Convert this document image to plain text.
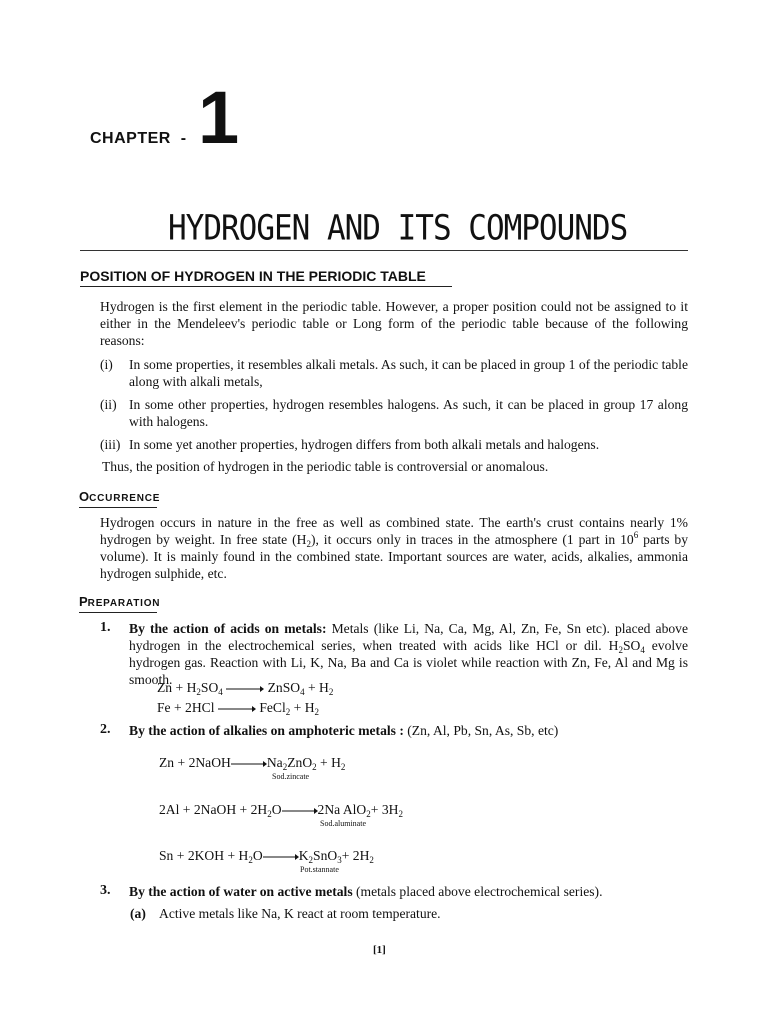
CHAPTER  - 1
HYDROGEN AND ITS COMPOUNDS
POSITION OF HYDROGEN IN THE PERIODIC TABLE

Hydrogen is the first element in the periodic table. However, a proper position could not be assigned to it either in the Mendeleev's periodic table or Long form of the periodic table because of the following reasons:

(i) In some properties, it resembles alkali metals. As such, it can be placed in group 1 of the periodic table along with alkali metals,
(ii) In some other properties, hydrogen resembles halogens. As such, it can be placed in group 17 along with halogens.
(iii) In some yet another properties, hydrogen differs from both alkali metals and halogens.

Thus, the position of hydrogen in the periodic table is controversial or anomalous.

OCCURRENCE

Hydrogen occurs in nature in the free as well as combined state. The earth's crust contains nearly 1% hydrogen by weight. In free state $(H_2)$, it occurs only in traces in the atmosphere (1 part in $10^6$ parts by volume). It is mainly found in the combined state. Important sources are water, acids, alkalies, ammonia hydrogen sulphide, etc.

PREPARATION
1. By the action of acids on metals: Metals (like Li, Na, Ca, Mg, Al, Zn, Fe, Sn etc). placed above hydrogen in the electrochemical series, when treated with acids like HCl or dil. $H_2SO_4$ evolve hydrogen gas. Reaction with Li, K, Na, Ba and Ca is violet while reaction with Zn, Fe, Al and Mg is smooth.
$Zn + H_2SO_4$ → ZnSO$_4$ + $H_2$
Fe + 2HCl → FeCl$_2$ + $H_2$
2. By the action of alkalies on amphoteric metals : (Zn, Al, Pb, Sn, As, Sb, etc)
$Zn + 2NaOH\to Na_2ZnO_2 + H_2$
Sod.zincate
2Al + 2NaOH + $2H_2O\to 2Na$ $AlO_2+ 3H_2$
Sod.aluminate
$Sn + 2KOH + H_2O\to K_2SnO_3+ 2H_2$
Pot.stannate
3. By the action of water on active metals (metals placed above electrochemical series).
(a) Active metals like Na, K react at room temperature.
[1]
